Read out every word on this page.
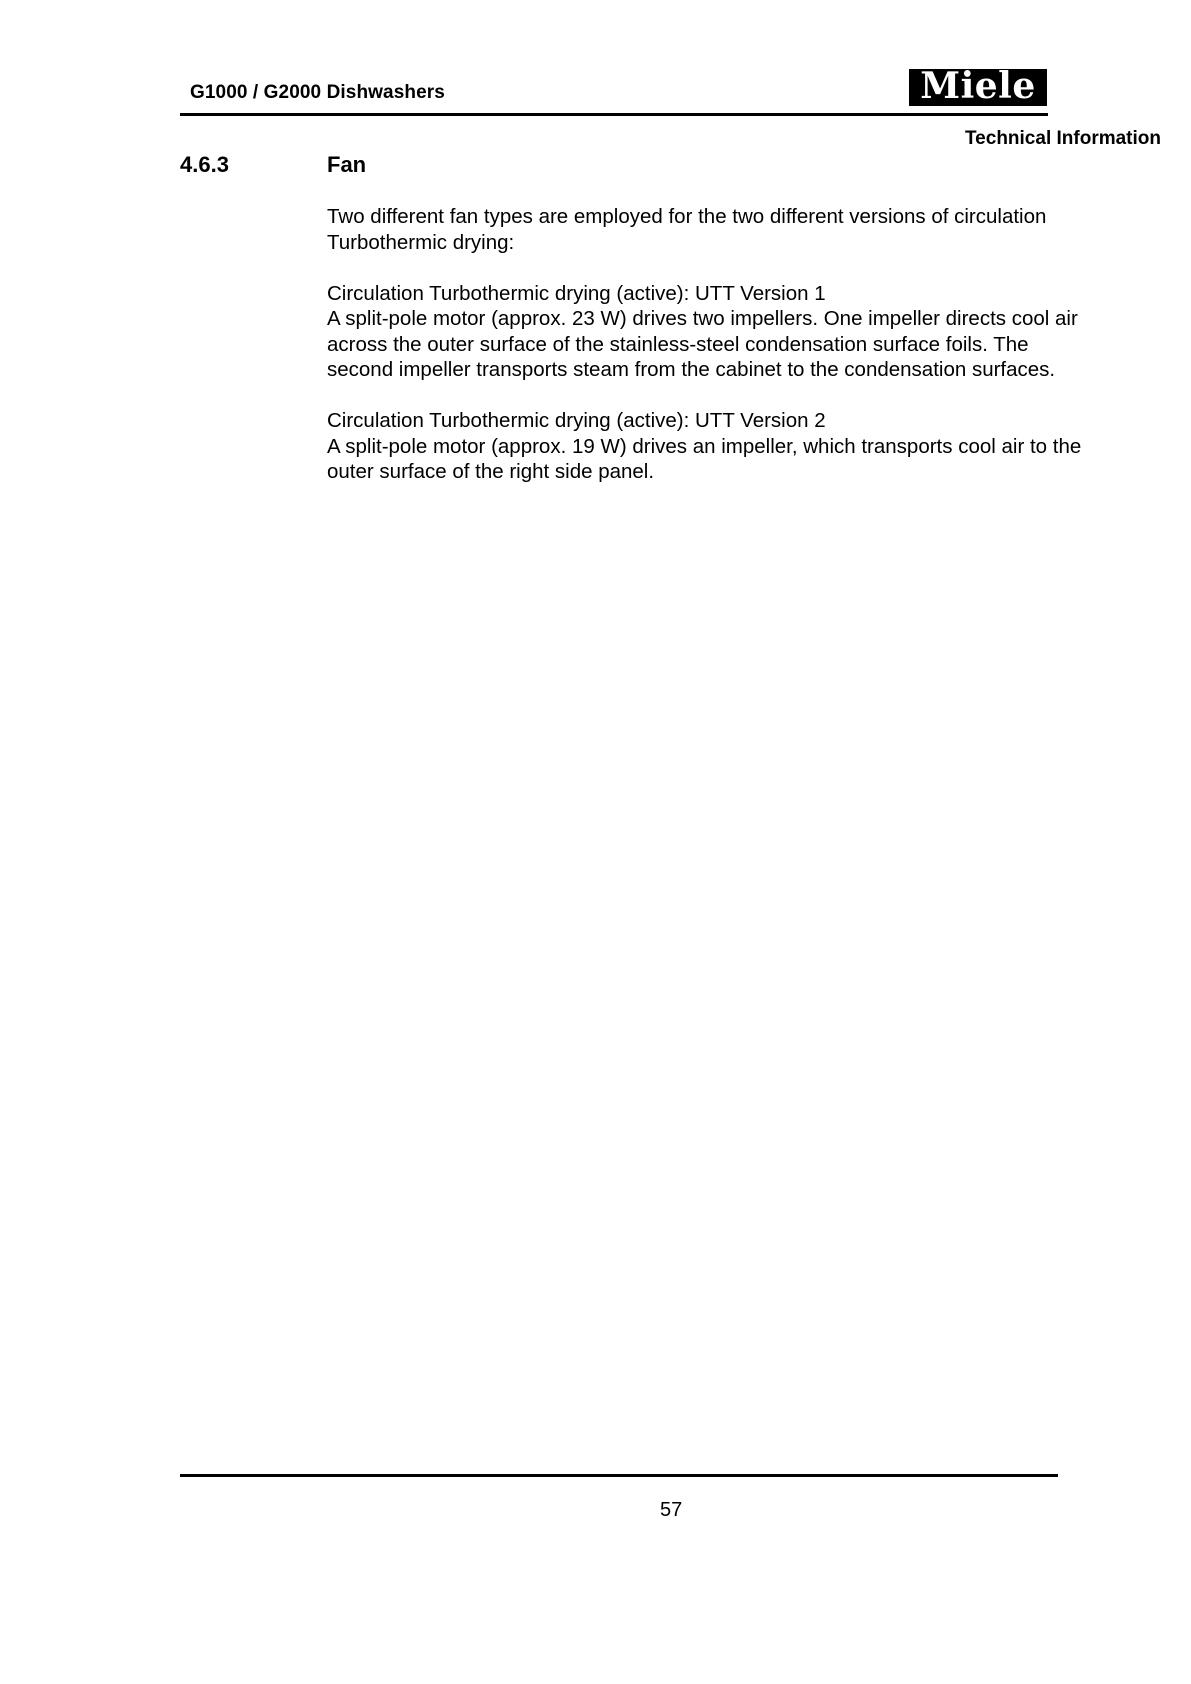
G1000 / G2000 Dishwashers	Miele
Technical Information
4.6.3	Fan

Two different fan types are employed for the two different versions of circulation
Turbothermic drying:

Circulation Turbothermic drying (active): UTT Version 1
A split-pole motor (approx. 23 W) drives two impellers. One impeller directs cool air
across the outer surface of the stainless-steel condensation surface foils. The
second impeller transports steam from the cabinet to the condensation surfaces.

Circulation Turbothermic drying (active): UTT Version 2
A split-pole motor (approx. 19 W) drives an impeller, which transports cool air to the
outer surface of the right side panel.

57
